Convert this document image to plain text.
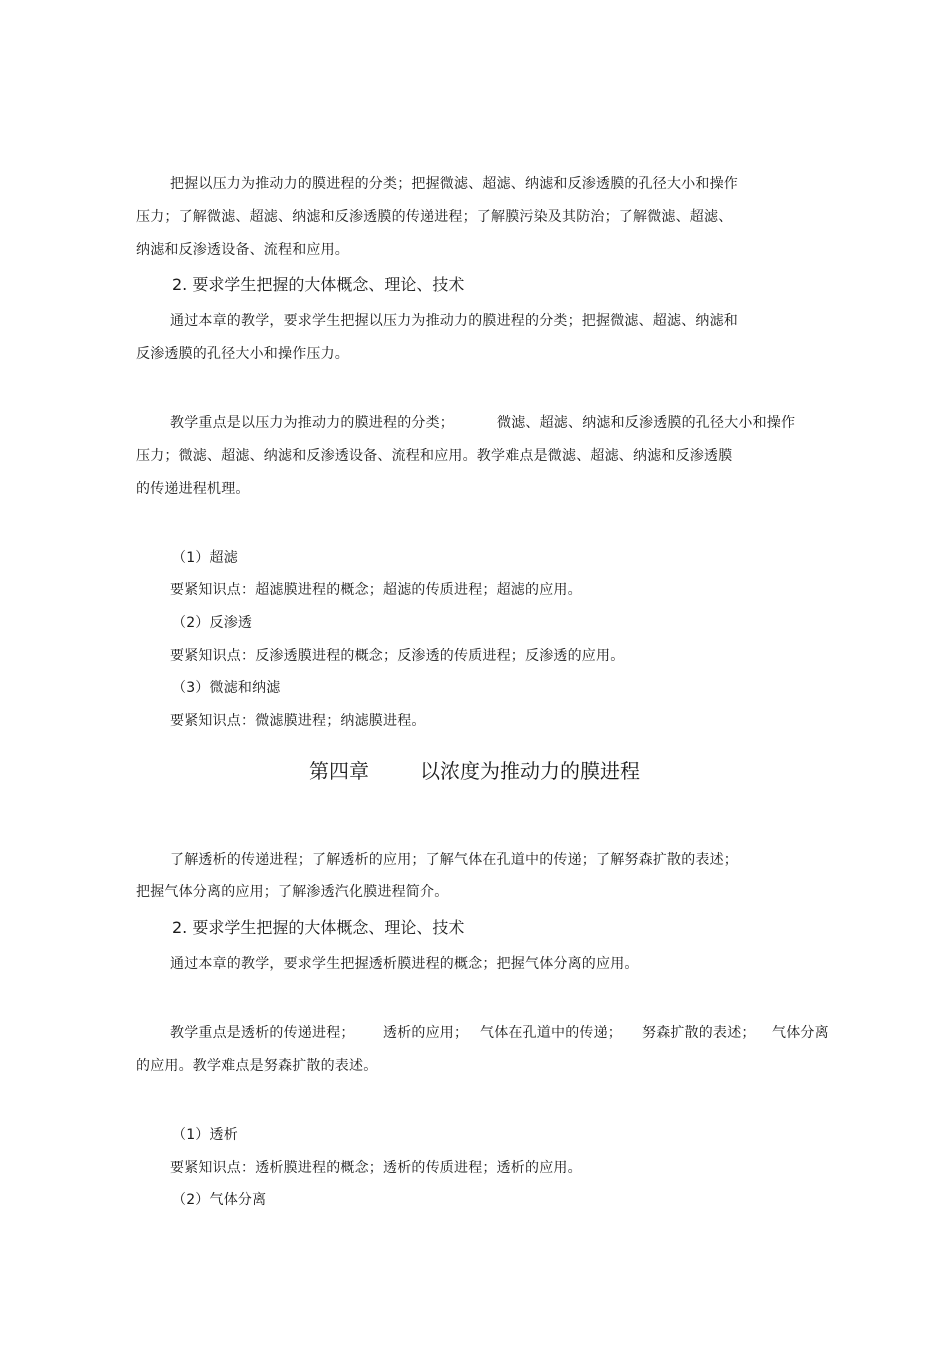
把握以压力为推动力的膜进程的分类；把握微滤、超滤、纳滤和反渗透膜的孔径大小和操作
压力；了解微滤、超滤、纳滤和反渗透膜的传递进程；了解膜污染及其防治；了解微滤、超滤、
纳滤和反渗透设备、流程和应用。
2. 要求学生把握的大体概念、理论、技术
通过本章的教学，要求学生把握以压力为推动力的膜进程的分类；把握微滤、超滤、纳滤和
反渗透膜的孔径大小和操作压力。
教学重点是以压力为推动力的膜进程的分类；	微滤、超滤、纳滤和反渗透膜的孔径大小和操作
压力；微滤、超滤、纳滤和反渗透设备、流程和应用。教学难点是微滤、超滤、纳滤和反渗透膜
的传递进程机理。
（1）超滤
要紧知识点：超滤膜进程的概念；超滤的传质进程；超滤的应用。
（2）反渗透
要紧知识点：反渗透膜进程的概念；反渗透的传质进程；反渗透的应用。
（3）微滤和纳滤
要紧知识点：微滤膜进程；纳滤膜进程。
第四章	以浓度为推动力的膜进程
了解透析的传递进程；了解透析的应用；了解气体在孔道中的传递；了解努森扩散的表述；
把握气体分离的应用；了解渗透汽化膜进程简介。
2. 要求学生把握的大体概念、理论、技术
通过本章的教学，要求学生把握透析膜进程的概念；把握气体分离的应用。
教学重点是透析的传递进程； 透析的应用； 气体在孔道中的传递； 努森扩散的表述； 气体分离
的应用。教学难点是努森扩散的表述。
（1）透析
要紧知识点：透析膜进程的概念；透析的传质进程；透析的应用。
（2）气体分离
